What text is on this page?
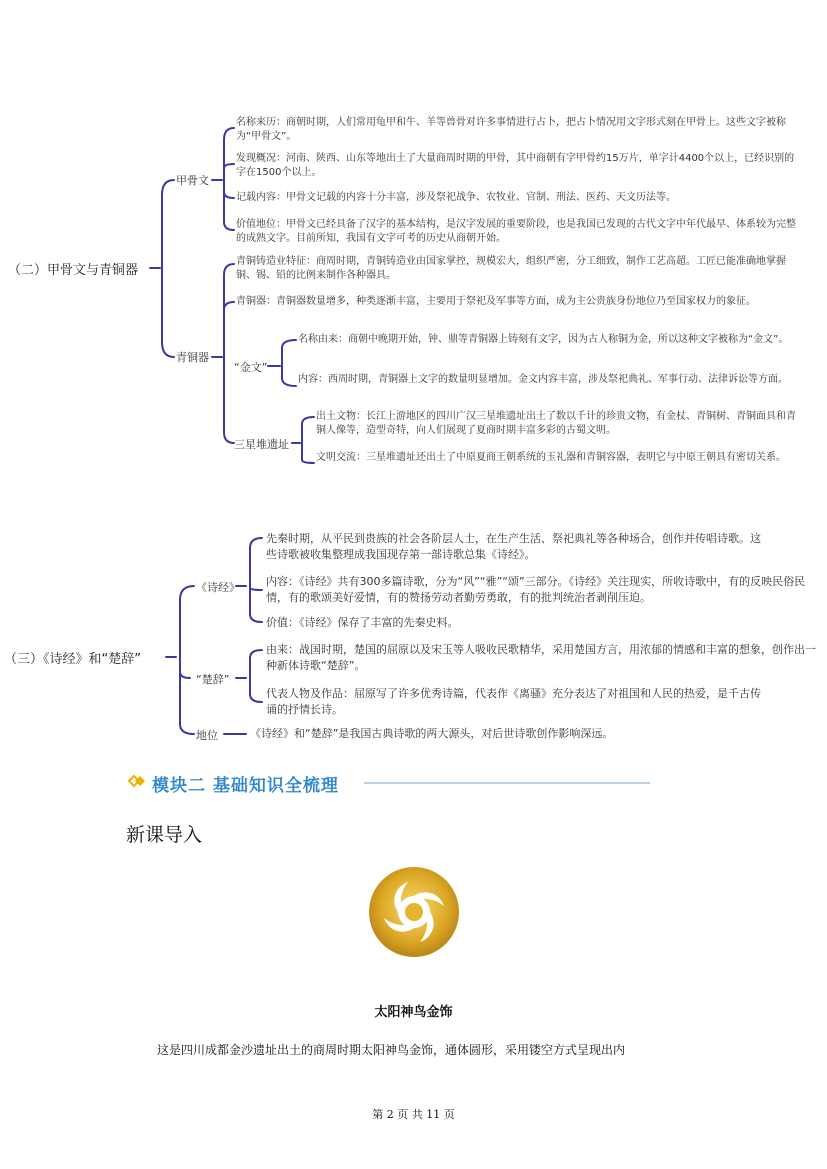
（二）甲骨文与青铜器
甲骨文
名称来历：商朝时期，人们常用龟甲和牛、羊等兽骨对许多事情进行占卜，把占卜情况用文字形式刻在甲骨上。这些文字被称为“甲骨文”。
发现概况：河南、陕西、山东等地出土了大量商周时期的甲骨，其中商朝有字甲骨约15万片，单字计4400个以上，已经识别的字在1500个以上。
记载内容：甲骨文记载的内容十分丰富，涉及祭祀战争、农牧业、官制、刑法、医药、天文历法等。
价值地位：甲骨文已经具备了汉字的基本结构，是汉字发展的重要阶段，也是我国已发现的古代文字中年代最早、体系较为完整的成熟文字。目前所知，我国有文字可考的历史从商朝开始。
青铜器
青铜铸造业特征：商周时期，青铜铸造业由国家掌控，规模宏大，组织严密，分工细致，制作工艺高超。工匠已能准确地掌握铜、锡、铅的比例来制作各种器具。
青铜器：青铜器数量增多，种类逐渐丰富，主要用于祭祀及军事等方面，成为主公贵族身份地位乃至国家权力的象征。
“金文”
名称由来：商朝中晚期开始，钟、鼎等青铜器上铸刻有文字，因为古人称铜为金，所以这种文字被称为“金文”。
内容：西周时期，青铜器上文字的数量明显增加。金文内容丰富，涉及祭祀典礼、军事行动、法律诉讼等方面。
三星堆遗址
出土文物：长江上游地区的四川广汉三星堆遗址出土了数以千计的珍贵文物，有金杖、青铜树、青铜面具和青铜人像等，造型奇特，向人们展现了夏商时期丰富多彩的古蜀文明。
文明交流：三星堆遗址还出土了中原夏商王朝系统的玉礼器和青铜容器，表明它与中原王朝具有密切关系。
（三）《诗经》和“楚辞”
《诗经》
先秦时期，从平民到贵族的社会各阶层人士，在生产生活、祭祀典礼等各种场合，创作并传唱诗歌。这些诗歌被收集整理成我国现存第一部诗歌总集《诗经》。
内容：《诗经》共有300多篇诗歌，分为“风”“雅”“颂”三部分。《诗经》关注现实，所收诗歌中，有的反映民俗民情，有的歌颂美好爱情，有的赞扬劳动者勤劳勇敢，有的批判统治者剥削压迫。
价值：《诗经》保存了丰富的先秦史料。
“楚辞”
由来：战国时期，楚国的屈原以及宋玉等人吸收民歌精华，采用楚国方言，用浓郁的情感和丰富的想象，创作出一种新体诗歌“楚辞”。
代表人物及作品：屈原写了许多优秀诗篇，代表作《离骚》充分表达了对祖国和人民的热爱，是千古传诵的抒情长诗。
地位	《诗经》和“楚辞”是我国古典诗歌的两大源头，对后世诗歌创作影响深远。
模块二 基础知识全梳理
新课导入
太阳神鸟金饰
这是四川成都金沙遗址出土的商周时期太阳神鸟金饰，通体圆形，采用镂空方式呈现出内
第 2 页 共 11 页
